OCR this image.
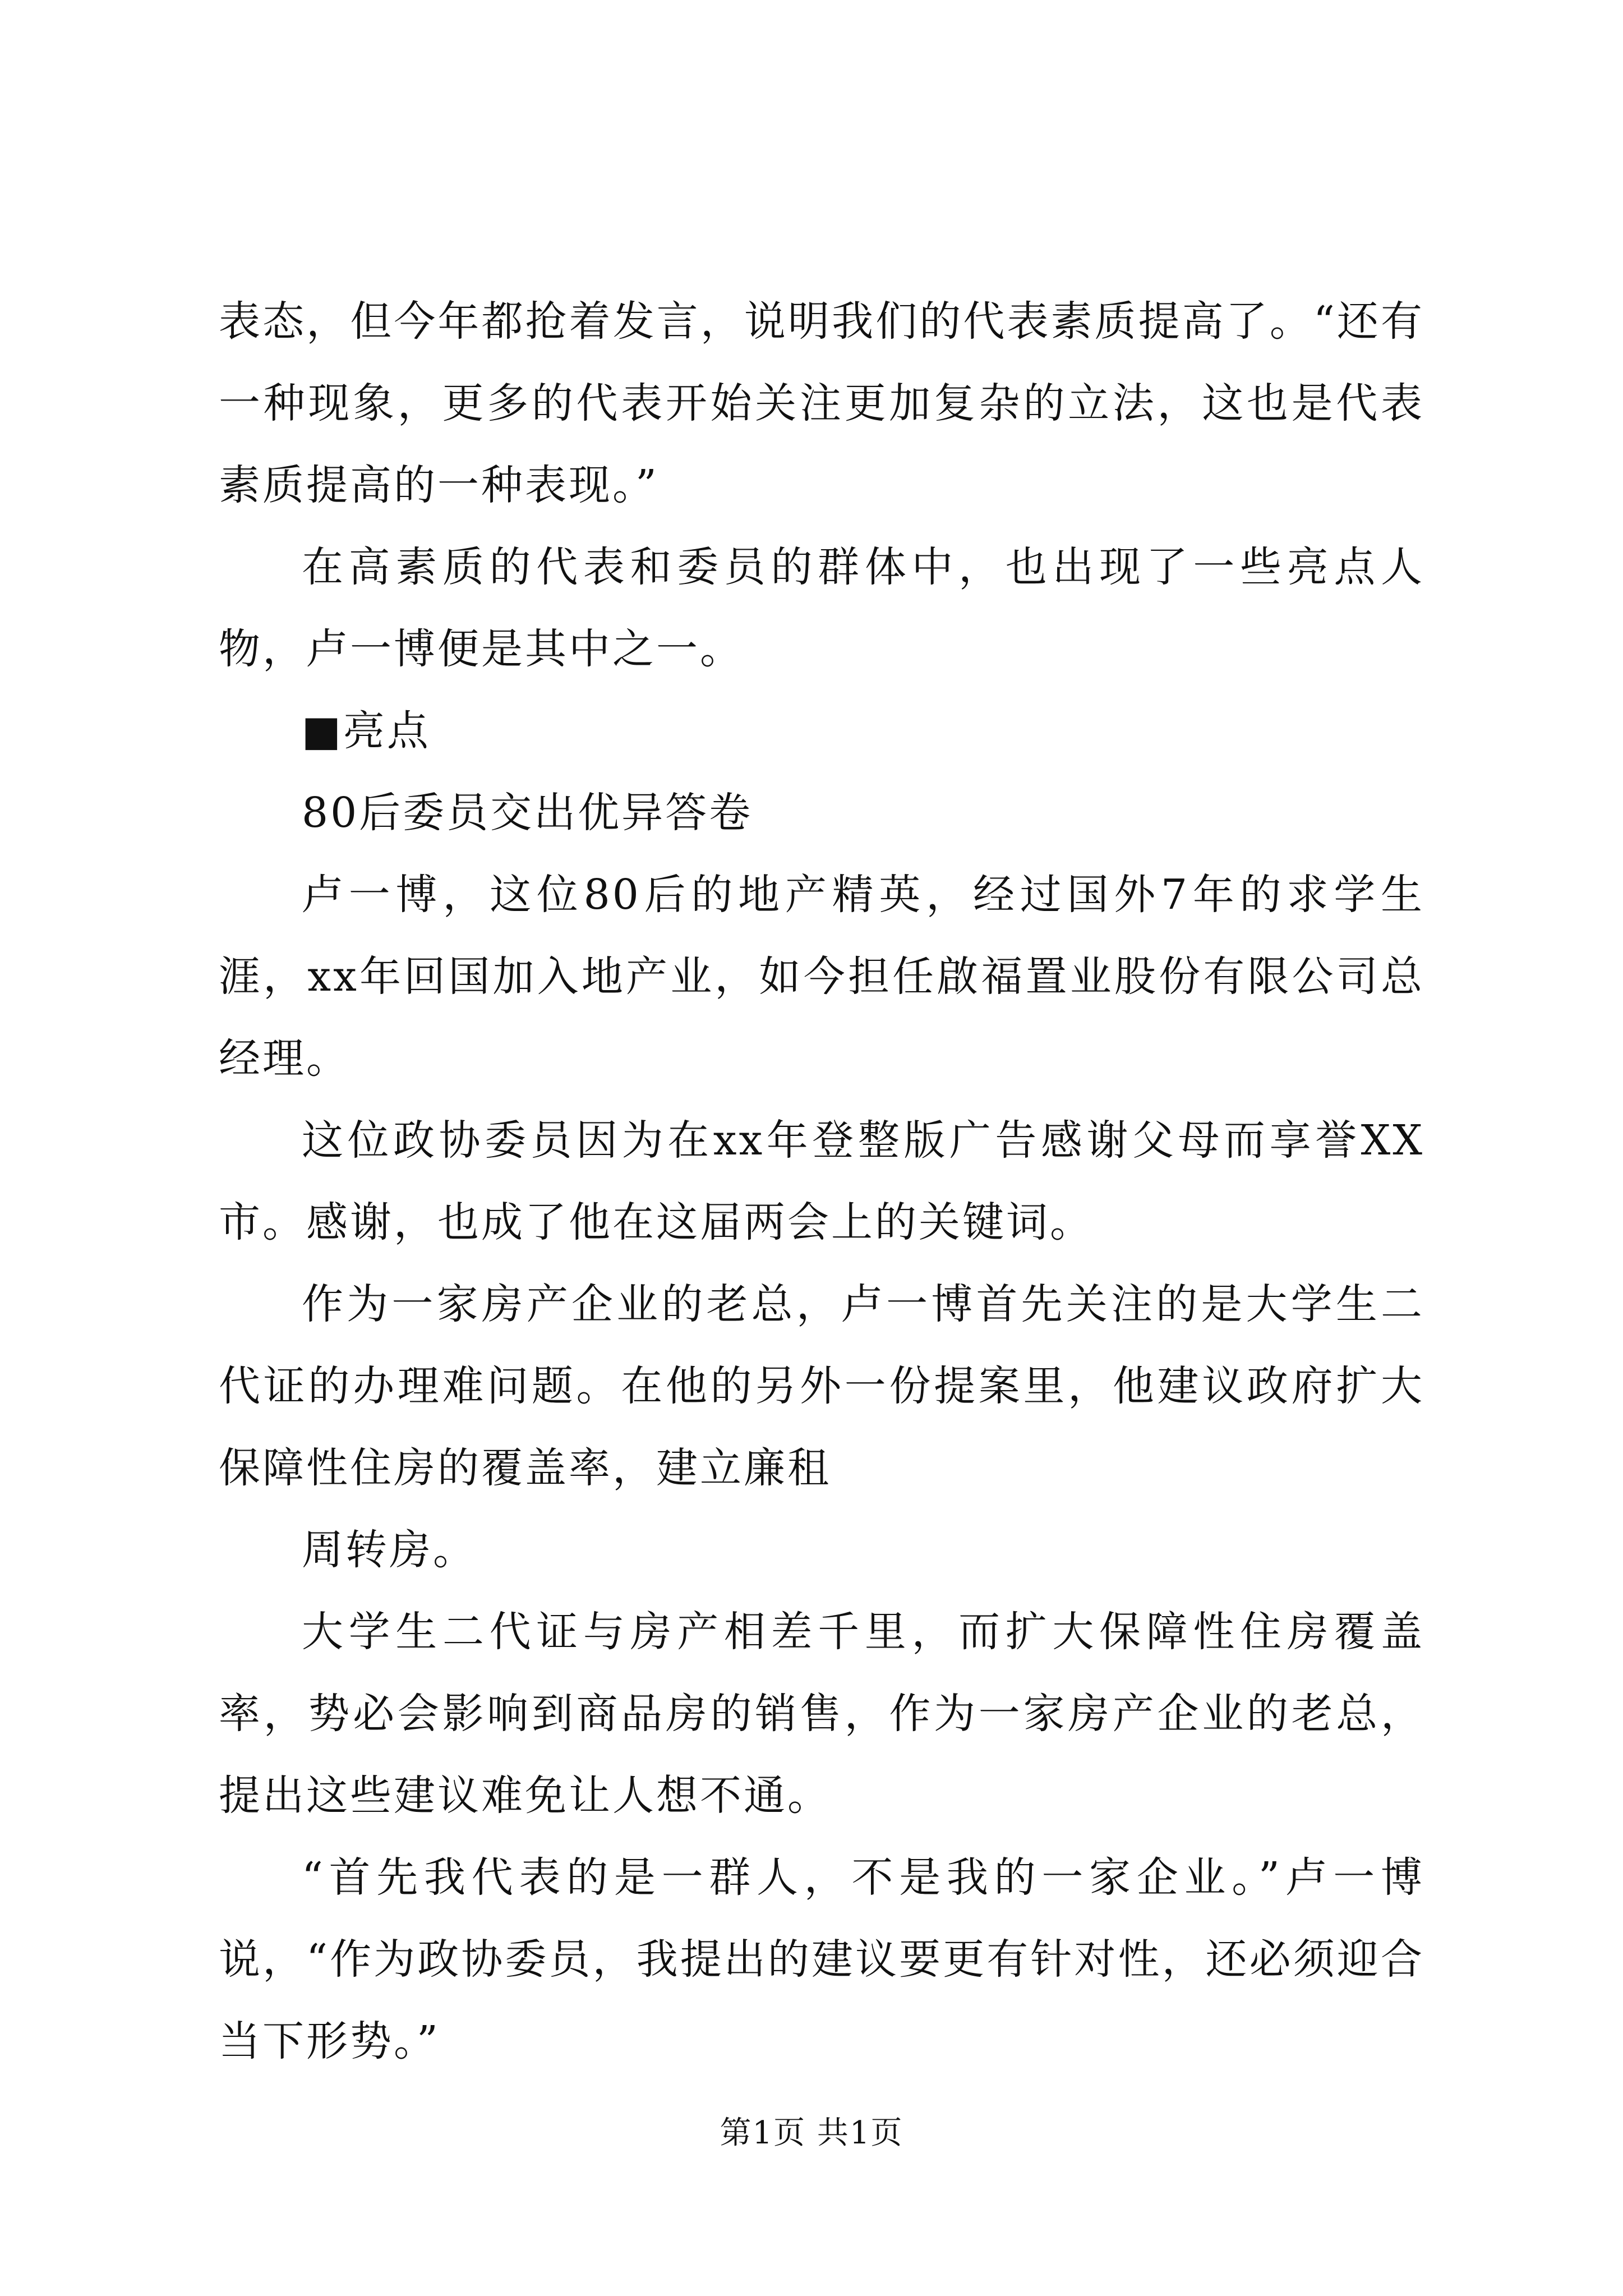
表态，但今年都抢着发言，说明我们的代表素质提高了。“还有一种现象，更多的代表开始关注更加复杂的立法，这也是代表素质提高的一种表现。”

在高素质的代表和委员的群体中，也出现了一些亮点人物，卢一博便是其中之一。

■亮点

80后委员交出优异答卷

卢一博，这位80后的地产精英，经过国外7年的求学生涯，xx年回国加入地产业，如今担任啟福置业股份有限公司总经理。

这位政协委员因为在xx年登整版广告感谢父母而享誉XX市。感谢，也成了他在这届两会上的关键词。

作为一家房产企业的老总，卢一博首先关注的是大学生二代证的办理难问题。在他的另外一份提案里，他建议政府扩大保障性住房的覆盖率，建立廉租

周转房。

大学生二代证与房产相差千里，而扩大保障性住房覆盖率，势必会影响到商品房的销售，作为一家房产企业的老总，提出这些建议难免让人想不通。

“首先我代表的是一群人，不是我的一家企业。”卢一博说，“作为政协委员，我提出的建议要更有针对性，还必须迎合当下形势。”

第1页 共1页
